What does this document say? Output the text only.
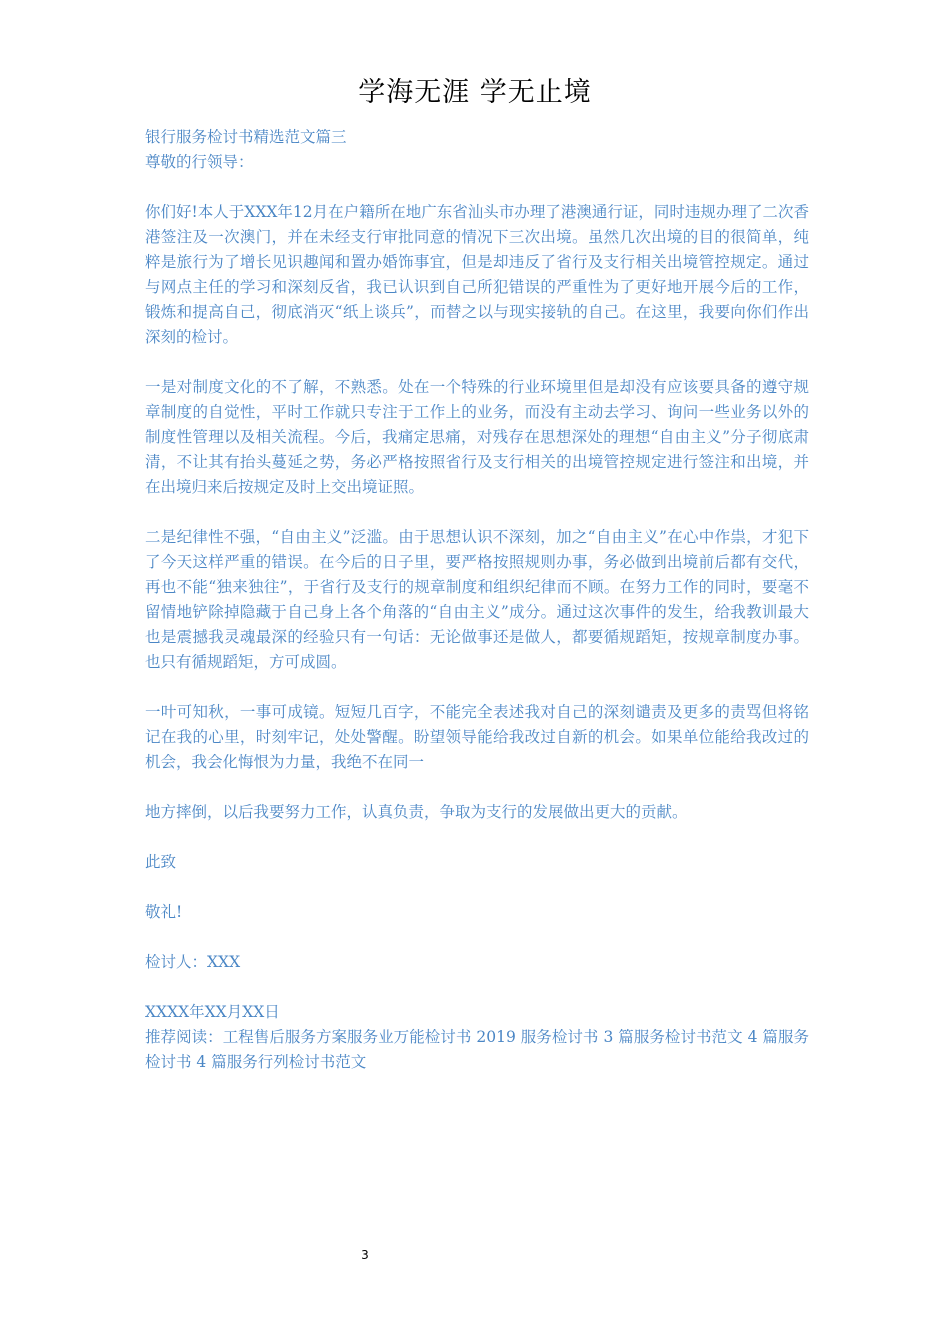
学海无涯 学无止境

银行服务检讨书精选范文篇三

尊敬的行领导：

你们好!本人于XXX年12月在户籍所在地广东省汕头市办理了港澳通行证，同时违规办理了二次香港签注及一次澳门，并在未经支行审批同意的情况下三次出境。虽然几次出境的目的很简单，纯粹是旅行为了增长见识趣闻和置办婚饰事宜，但是却违反了省行及支行相关出境管控规定。通过与网点主任的学习和深刻反省，我已认识到自己所犯错误的严重性为了更好地开展今后的工作，锻炼和提高自己，彻底消灭“纸上谈兵”，而替之以与现实接轨的自己。在这里，我要向你们作出深刻的检讨。

一是对制度文化的不了解，不熟悉。处在一个特殊的行业环境里但是却没有应该要具备的遵守规章制度的自觉性，平时工作就只专注于工作上的业务，而没有主动去学习、询问一些业务以外的制度性管理以及相关流程。今后，我痛定思痛，对残存在思想深处的理想“自由主义”分子彻底肃清，不让其有抬头蔓延之势，务必严格按照省行及支行相关的出境管控规定进行签注和出境，并在出境归来后按规定及时上交出境证照。

二是纪律性不强，“自由主义”泛滥。由于思想认识不深刻，加之“自由主义”在心中作祟，才犯下了今天这样严重的错误。在今后的日子里，要严格按照规则办事，务必做到出境前后都有交代，再也不能“独来独往”，于省行及支行的规章制度和组织纪律而不顾。在努力工作的同时，要毫不留情地铲除掉隐藏于自己身上各个角落的“自由主义”成分。通过这次事件的发生，给我教训最大也是震撼我灵魂最深的经验只有一句话：无论做事还是做人，都要循规蹈矩，按规章制度办事。也只有循规蹈矩，方可成圆。

一叶可知秋，一事可成镜。短短几百字，不能完全表述我对自己的深刻谴责及更多的责骂但将铭记在我的心里，时刻牢记，处处警醒。盼望领导能给我改过自新的机会。如果单位能给我改过的机会，我会化悔恨为力量，我绝不在同一

地方摔倒，以后我要努力工作，认真负责，争取为支行的发展做出更大的贡献。

此致

敬礼!

检讨人：XXX

XXXX年XX月XX日

推荐阅读：工程售后服务方案服务业万能检讨书 2019 服务检讨书 3 篇服务检讨书范文 4 篇服务检讨书 4 篇服务行列检讨书范文

3
